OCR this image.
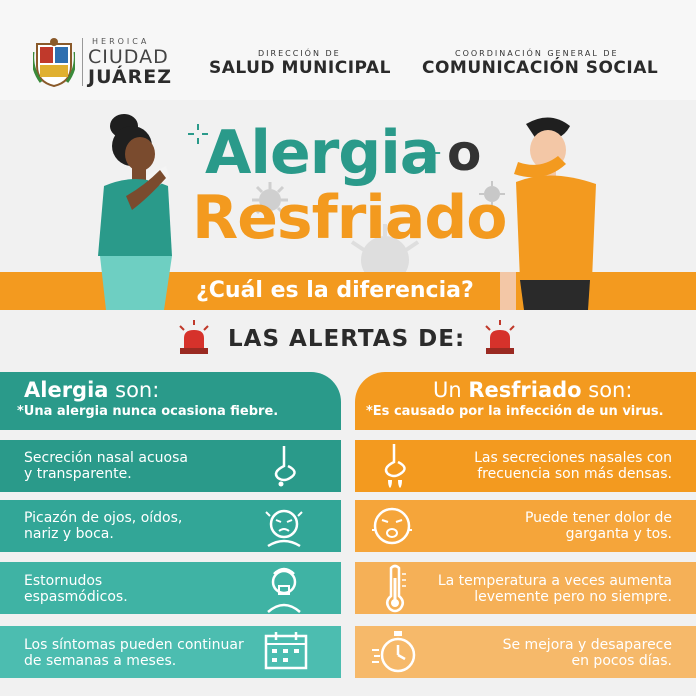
HEROICA
CIUDAD
JUÁREZ
DIRECCIÓN DE
SALUD MUNICIPAL
COORDINACIÓN GENERAL DE
COMUNICACIÓN SOCIAL
Alergia o
Resfriado
¿Cuál es la diferencia?
LAS ALERTAS DE:
Alergia son:
*Una alergia nunca ocasiona fiebre.
Un Resfriado son:
*Es causado por la infección de un virus.
Secreción nasal acuosa
y transparente.
Picazón de ojos, oídos,
nariz y boca.
Estornudos
espasmódicos.
Los síntomas pueden continuar
de semanas a meses.
Las secreciones nasales con
frecuencia son más densas.
Puede tener dolor de
garganta y tos.
La temperatura a veces aumenta
levemente pero no siempre.
Se mejora y desaparece
en pocos días.
